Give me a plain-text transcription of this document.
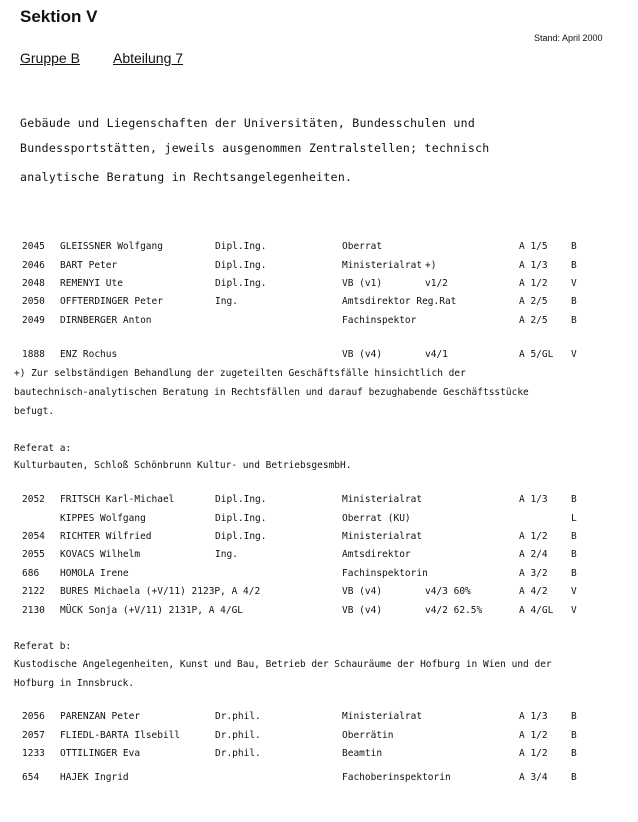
Sektion V
Stand: April 2000
Gruppe B Abteilung 7
Gebäude und Liegenschaften der Universitäten, Bundesschulen und
Bundessportstätten, jeweils ausgenommen Zentralstellen; technisch
analytische Beratung in Rechtsangelegenheiten.
2045 GLEISSNER Wolfgang	Dipl.Ing.	Oberrat	A 1/5 B
2046 BART Peter	Dipl.Ing.	Ministerialrat +)	A 1/3 B
2048 REMENYI Ute	Dipl.Ing.	VB (v1)	v1/2	A 1/2 V
2050 OFFTERDINGER Peter	Ing.	Amtsdirektor Reg.Rat	A 2/5 B
2049 DIRNBERGER Anton	Fachinspektor	A 2/5 B
1888 ENZ Rochus	VB (v4)	v4/1	A 5/GL V
+) Zur selbständigen Behandlung der zugeteilten Geschäftsfälle hinsichtlich der
bautechnisch-analytischen Beratung in Rechtsfällen und darauf bezughabende Geschäftsstücke
befugt.
Referat a:
Kulturbauten, Schloß Schönbrunn Kultur- und BetriebsgesmbH.
2052 FRITSCH Karl-Michael	Dipl.Ing.	Ministerialrat	A 1/3 B
KIPPES Wolfgang	Dipl.Ing.	Oberrat (KU)	L
2054 RICHTER Wilfried	Dipl.Ing.	Ministerialrat	A 1/2 B
2055 KOVACS Wilhelm	Ing.	Amtsdirektor	A 2/4 B
686 HOMOLA Irene	Fachinspektorin	A 3/2 B
2122 BURES Michaela (+V/11) 2123P, A 4/2	VB (v4)	v4/3 60%	A 4/2 V
2130 MÜCK Sonja (+V/11) 2131P, A 4/GL	VB (v4)	v4/2 62.5%	A 4/GL V
Referat b:
Kustodische Angelegenheiten, Kunst und Bau, Betrieb der Schauräume der Hofburg in Wien und der
Hofburg in Innsbruck.
2056 PARENZAN Peter	Dr.phil.	Ministerialrat	A 1/3 B
2057 FLIEDL-BARTA Ilsebill	Dr.phil.	Oberrätin	A 1/2 B
1233 OTTILINGER Eva	Dr.phil.	Beamtin	A 1/2 B
654 HAJEK Ingrid	Fachoberinspektorin	A 3/4 B
